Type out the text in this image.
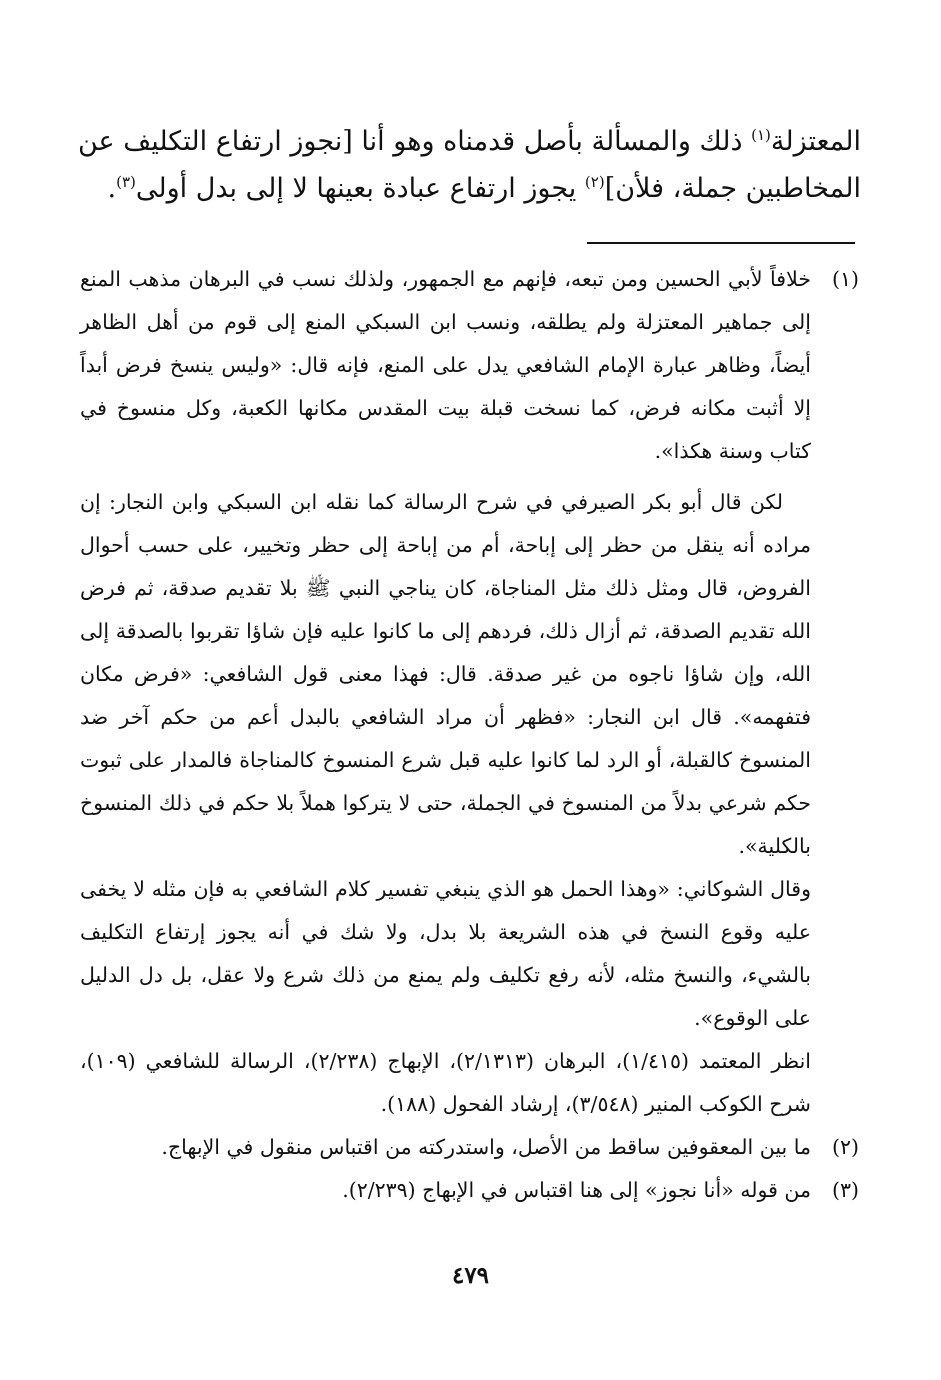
المعتزلة$^{(١)}$ ذلك والمسألة بأصل قدمناه وهو أنا [نجوز ارتفاع التكليف عن المخاطبين جملة، فلأن]$^{(٢)}$ يجوز ارتفاع عبادة بعينها لا إلى بدل أولى$^{(٣)}$.

(١)

خلافاً لأبي الحسين ومن تبعه، فإنهم مع الجمهور، ولذلك نسب في البرهان مذهب المنع إلى جماهير المعتزلة ولم يطلقه، ونسب ابن السبكي المنع إلى قوم من أهل الظاهر أيضاً، وظاهر عبارة الإمام الشافعي يدل على المنع، فإنه قال: «وليس ينسخ فرض أبداً إلا أثبت مكانه فرض، كما نسخت قبلة بيت المقدس مكانها الكعبة، وكل منسوخ في كتاب وسنة هكذا».

لكن قال أبو بكر الصيرفي في شرح الرسالة كما نقله ابن السبكي وابن النجار: إن مراده أنه ينقل من حظر إلى إباحة، أم من إباحة إلى حظر وتخيير، على حسب أحوال الفروض، قال ومثل ذلك مثل المناجاة، كان يناجي النبي ﷺ بلا تقديم صدقة، ثم فرض الله تقديم الصدقة، ثم أزال ذلك، فردهم إلى ما كانوا عليه فإن شاؤا تقربوا بالصدقة إلى الله، وإن شاؤا ناجوه من غير صدقة. قال: فهذا معنى قول الشافعي: «فرض مكان فتفهمه». قال ابن النجار: «فظهر أن مراد الشافعي بالبدل أعم من حكم آخر ضد المنسوخ كالقبلة، أو الرد لما كانوا عليه قبل شرع المنسوخ كالمناجاة فالمدار على ثبوت حكم شرعي بدلاً من المنسوخ في الجملة، حتى لا يتركوا هملاً بلا حكم في ذلك المنسوخ بالكلية».

وقال الشوكاني: «وهذا الحمل هو الذي ينبغي تفسير كلام الشافعي به فإن مثله لا يخفى عليه وقوع النسخ في هذه الشريعة بلا بدل، ولا شك في أنه يجوز إرتفاع التكليف بالشيء، والنسخ مثله، لأنه رفع تكليف ولم يمنع من ذلك شرع ولا عقل، بل دل الدليل على الوقوع».

انظر المعتمد (١/٤١٥)، البرهان (٢/١٣١٣)، الإبهاج (٢/٢٣٨)، الرسالة للشافعي (١٠٩)، شرح الكوكب المنير (٣/٥٤٨)، إرشاد الفحول (١٨٨).

(٢)

ما بين المعقوفين ساقط من الأصل، واستدركته من اقتباس منقول في الإبهاج.

(٣)

من قوله «أنا نجوز» إلى هنا اقتباس في الإبهاج (٢/٢٣٩).

٤٧٩
